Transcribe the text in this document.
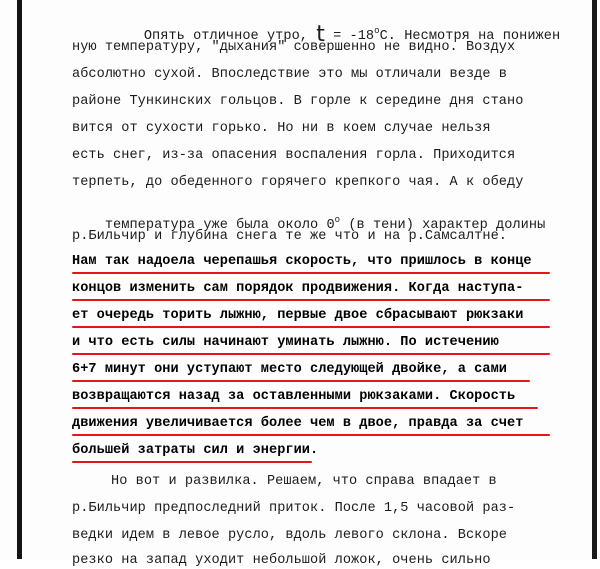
Опять отличное утро, $t = -18^oC$. Несмотря на понижен

ную температуру, "дыхания" совершенно не видно. Воздух
абсолютно сухой. Впоследствие это мы отличали везде в
районе Тункинских гольцов. В горле к середине дня стано
вится от сухости горько. Но ни в коем случае нельзя
есть снег, из-за опасения воспаления горла. Приходится
терпеть, до обеденного горячего крепкого чая. А к обеду

температура уже была около 0$^o$ (в тени) характер долины

р.Бильчир и глубина снега те же что и на р.Самсалтне.
Нам так надоела черепашья скорость, что пришлось в конце
концов изменить сам порядок продвижения. Когда наступа-
ет очередь торить лыжню, первые двое сбрасывают рюкзаки
и что есть силы начинают уминать лыжню. По истечению
6+7 минут они уступают место следующей двойке, а сами
возвращаются назад за оставленными рюкзаками. Скорость
движения увеличивается более чем в двое, правда за счет
большей затраты сил и энергии.
Но вот и развилка. Решаем, что справа впадает в
р.Бильчир предпоследний приток. После 1,5 часовой раз-
ведки идем в левое русло, вдоль левого склона. Вскоре
резко на запад уходит небольшой ложок, очень сильно
